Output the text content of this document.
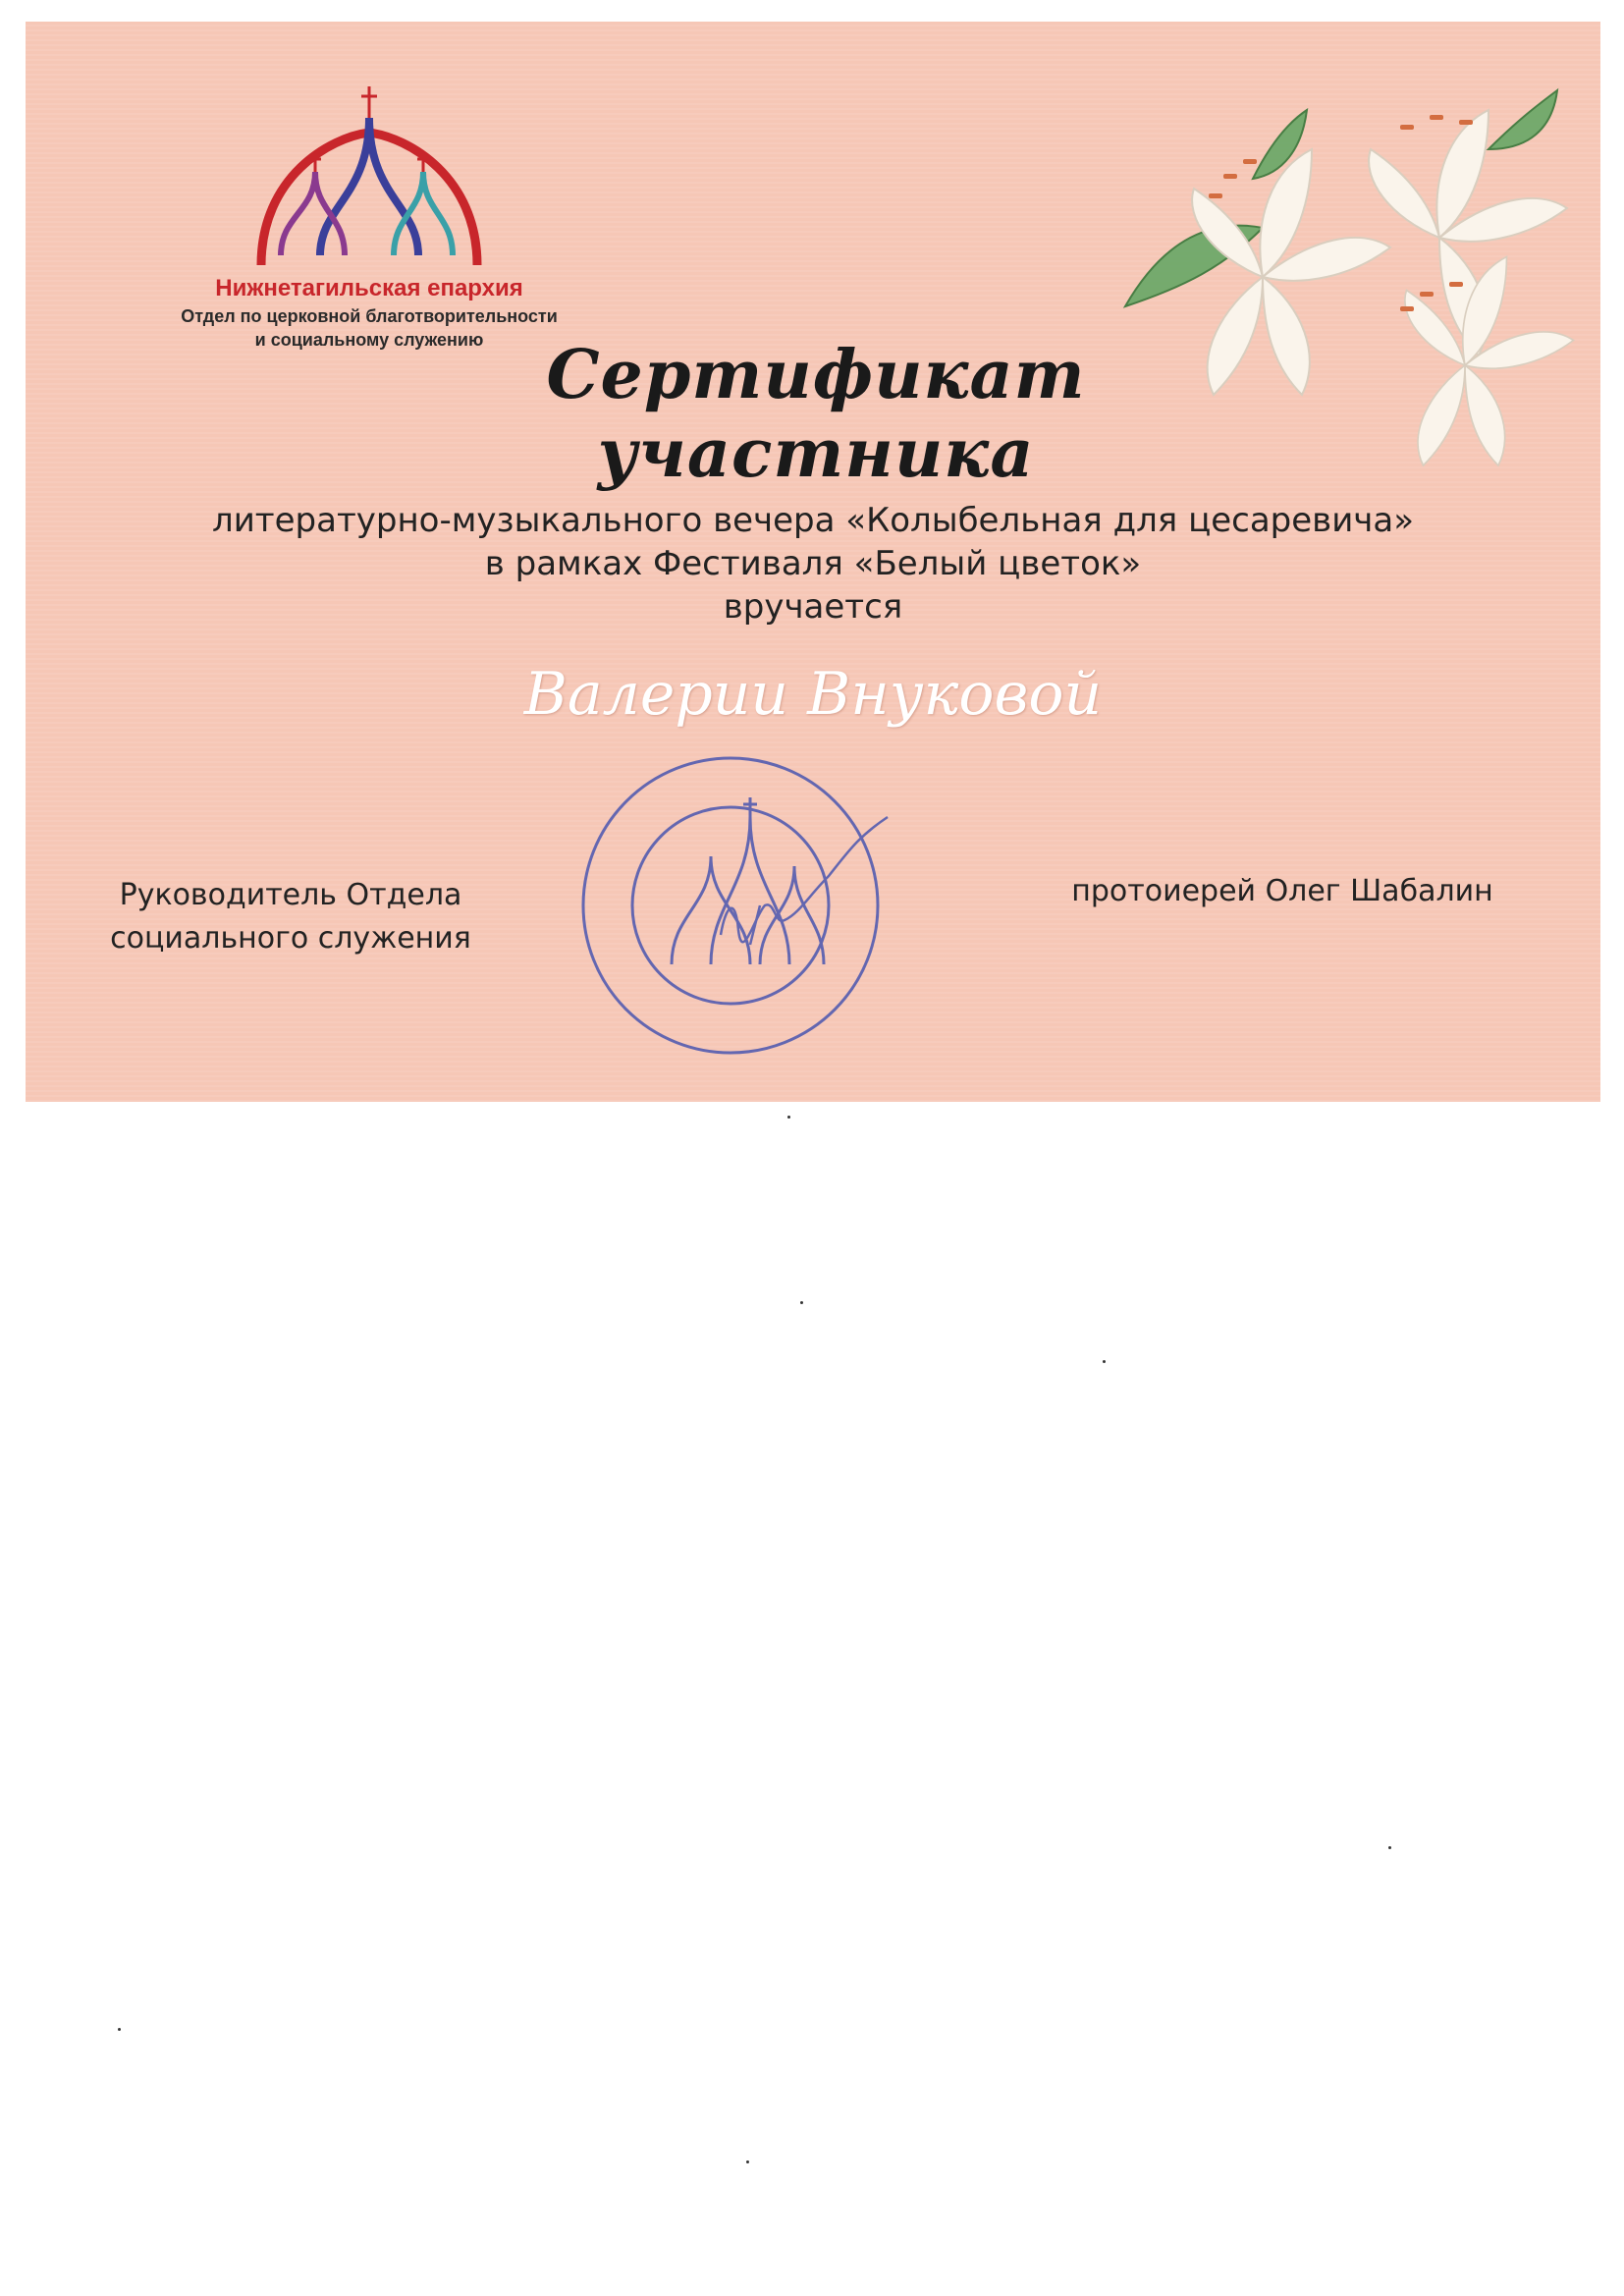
Нижнетагильская епархия
Отдел по церковной благотворительности
и социальному служению Сертификат участника
литературно-музыкального вечера «Колыбельная для цесаревича»
в рамках Фестиваля «Белый цветок»
вручается
Валерии Внуковой
Руководитель Отдела
социального служения
протоиерей Олег Шабалин
